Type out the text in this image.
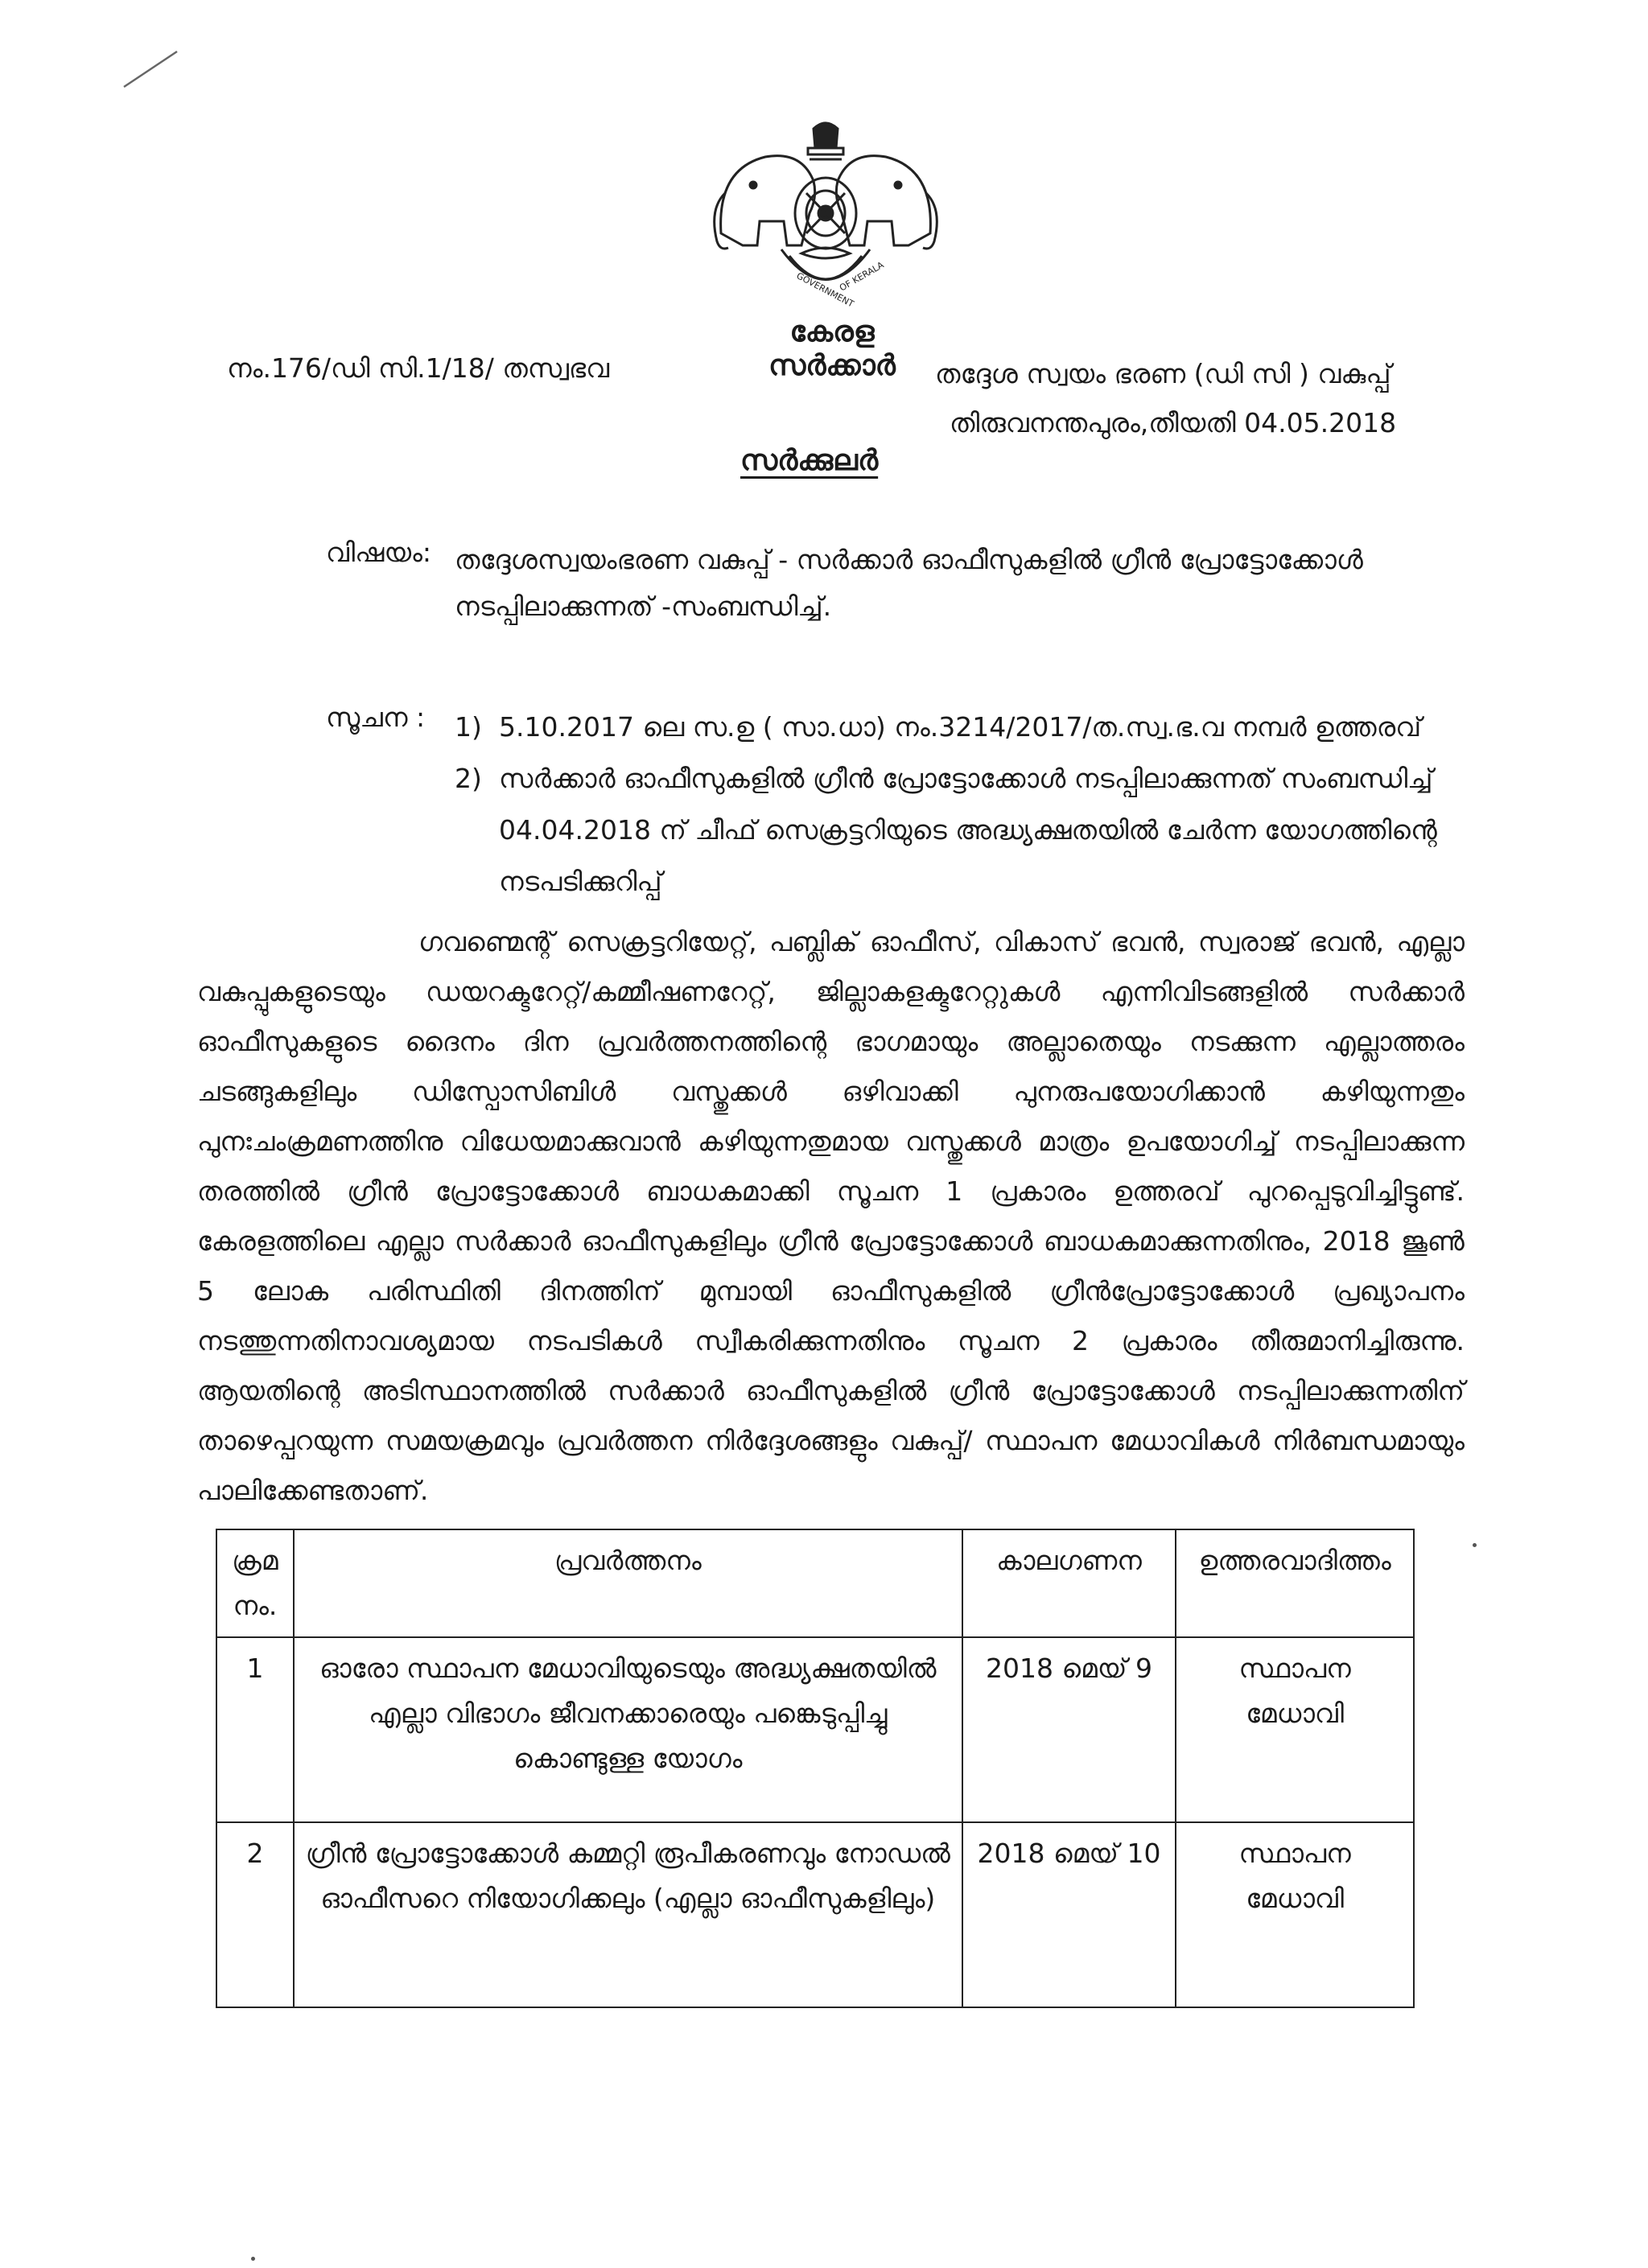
GOVERNMENT
OF KERALA
കേരള സർക്കാർ
നം.176/ഡി സി.1/18/ തസ്വഭവ	തദ്ദേശ സ്വയം ഭരണ (ഡി സി ) വകുപ്പ്
തിരുവനന്തപുരം,തീയതി 04.05.2018
സർക്കുലർ
വിഷയം: തദ്ദേശസ്വയംഭരണ വകുപ്പ് - സർക്കാർ ഓഫീസുകളിൽ ഗ്രീൻ പ്രോട്ടോക്കോൾ നടപ്പിലാക്കുന്നത് -സംബന്ധിച്ച്.
സൂചന : 1) 5.10.2017 ലെ സ.ഉ ( സാ.ധാ) നം.3214/2017/ത.സ്വ.ഭ.വ നമ്പർ ഉത്തരവ്
2) സർക്കാർ ഓഫീസുകളിൽ ഗ്രീൻ പ്രോട്ടോക്കോൾ നടപ്പിലാക്കുന്നത് സംബന്ധിച്ച് 04.04.2018 ന് ചീഫ് സെക്രട്ടറിയുടെ അദ്ധ്യക്ഷതയിൽ ചേർന്ന യോഗത്തിന്റെ നടപടിക്കുറിപ്പ്
ഗവണ്മെന്റ് സെക്രട്ടറിയേറ്റ്, പബ്ലിക് ഓഫീസ്, വികാസ് ഭവൻ, സ്വരാജ് ഭവൻ, എല്ലാ വകുപ്പുകളുടെയും ഡയറക്ടറേറ്റ്/കമ്മീഷണറേറ്റ്, ജില്ലാകളക്ടറേറ്റുകൾ എന്നിവിടങ്ങളിൽ സർക്കാർ ഓഫീസുകളുടെ ദൈനം ദിന പ്രവർത്തനത്തിന്റെ ഭാഗമായും അല്ലാതെയും നടക്കുന്ന എല്ലാത്തരം ചടങ്ങുകളിലും ഡിസ്പോസിബിൾ വസ്തുക്കൾ ഒഴിവാക്കി പുനരുപയോഗിക്കാൻ കഴിയുന്നതും പുനഃചംക്രമണത്തിനു വിധേയമാക്കുവാൻ കഴിയുന്നതുമായ വസ്തുക്കൾ മാത്രം ഉപയോഗിച്ച് നടപ്പിലാക്കുന്ന തരത്തിൽ ഗ്രീൻ പ്രോട്ടോക്കോൾ ബാധകമാക്കി സൂചന 1 പ്രകാരം ഉത്തരവ് പുറപ്പെടുവിച്ചിട്ടുണ്ട്. കേരളത്തിലെ എല്ലാ സർക്കാർ ഓഫീസുകളിലും ഗ്രീൻ പ്രോട്ടോക്കോൾ ബാധകമാക്കുന്നതിനും, 2018 ജൂൺ 5 ലോക പരിസ്ഥിതി ദിനത്തിന് മുമ്പായി ഓഫീസുകളിൽ ഗ്രീൻപ്രോട്ടോക്കോൾ പ്രഖ്യാപനം നടത്തുന്നതിനാവശ്യമായ നടപടികൾ സ്വീകരിക്കുന്നതിനും സൂചന 2 പ്രകാരം തീരുമാനിച്ചിരുന്നു. ആയതിന്റെ അടിസ്ഥാനത്തിൽ സർക്കാർ ഓഫീസുകളിൽ ഗ്രീൻ പ്രോട്ടോക്കോൾ നടപ്പിലാക്കുന്നതിന് താഴെപ്പറയുന്ന സമയക്രമവും പ്രവർത്തന നിർദ്ദേശങ്ങളും വകുപ്പ്/ സ്ഥാപന മേധാവികൾ നിർബന്ധമായും പാലിക്കേണ്ടതാണ്.
ക്രമ നം.	പ്രവർത്തനം	കാലഗണന	ഉത്തരവാദിത്തം
1	ഓരോ സ്ഥാപന മേധാവിയുടെയും അദ്ധ്യക്ഷതയിൽ എല്ലാ വിഭാഗം ജീവനക്കാരെയും പങ്കെടുപ്പിച്ചു കൊണ്ടുള്ള യോഗം	2018 മെയ് 9	സ്ഥാപന മേധാവി
2	ഗ്രീൻ പ്രോട്ടോക്കോൾ കമ്മറ്റി രൂപീകരണവും നോഡൽ ഓഫീസറെ നിയോഗിക്കലും (എല്ലാ ഓഫീസുകളിലും)	2018 മെയ് 10	സ്ഥാപന മേധാവി
